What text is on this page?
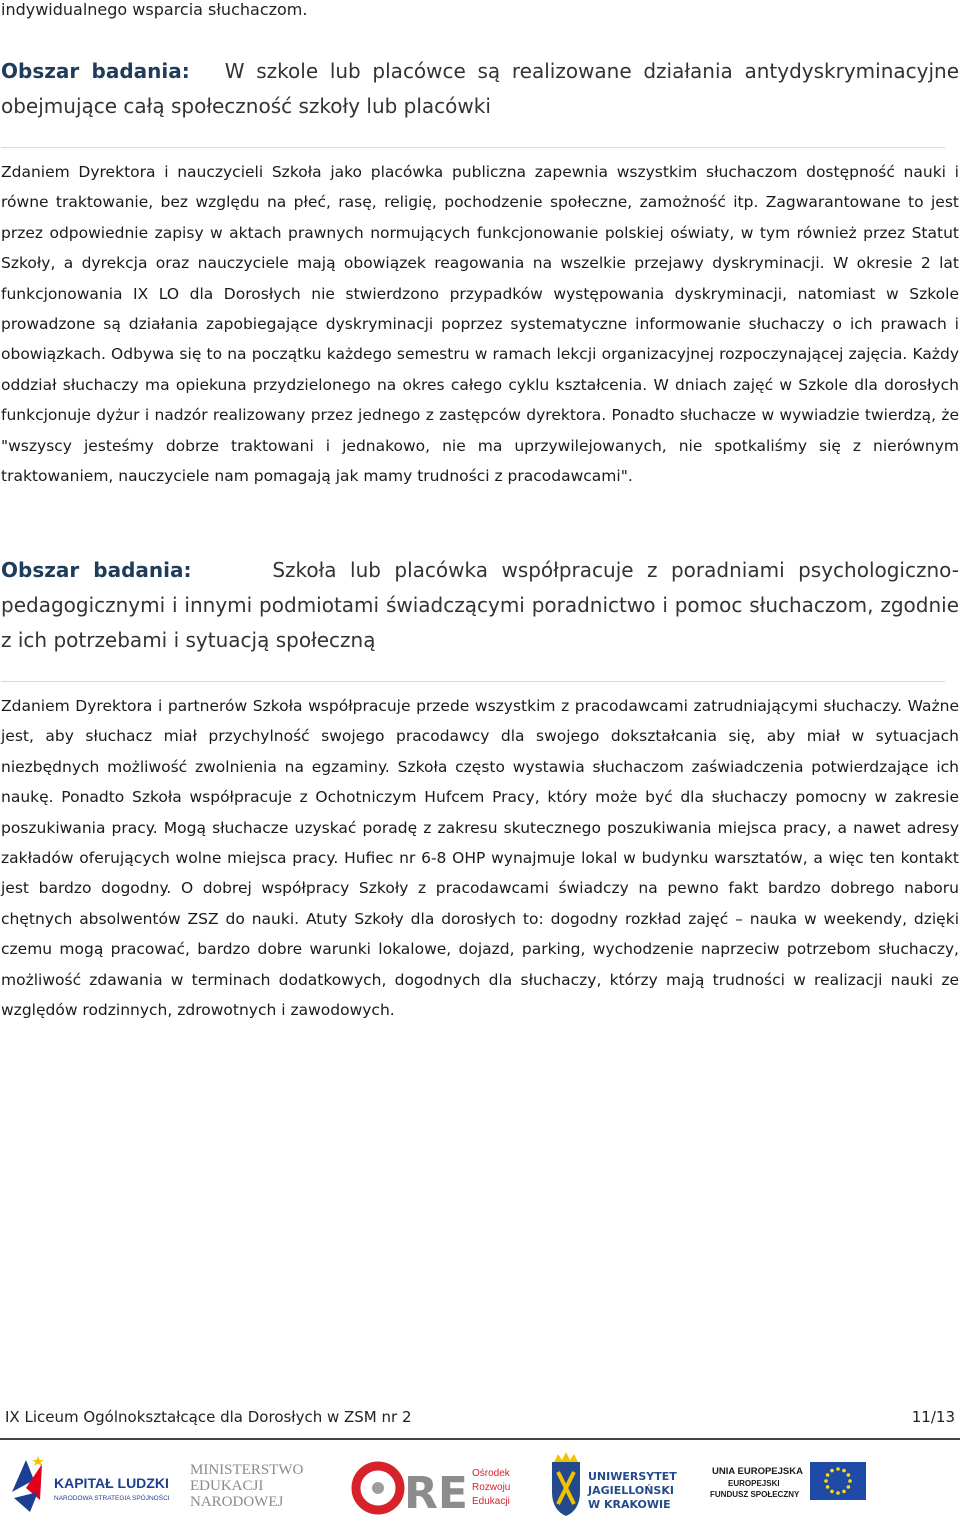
indywidualnego wsparcia słuchaczom.
Obszar badania: W szkole lub placówce są realizowane działania antydyskryminacyjne obejmujące całą społeczność szkoły lub placówki

Zdaniem Dyrektora i nauczycieli Szkoła jako placówka publiczna zapewnia wszystkim słuchaczom dostępność nauki i równe traktowanie, bez względu na płeć, rasę, religię, pochodzenie społeczne, zamożność itp. Zagwarantowane to jest przez odpowiednie zapisy w aktach prawnych normujących funkcjonowanie polskiej oświaty, w tym również przez Statut Szkoły, a dyrekcja oraz nauczyciele mają obowiązek reagowania na wszelkie przejawy dyskryminacji. W okresie 2 lat funkcjonowania IX LO dla Dorosłych nie stwierdzono przypadków występowania dyskryminacji, natomiast w Szkole prowadzone są działania zapobiegające dyskryminacji poprzez systematyczne informowanie słuchaczy o ich prawach i obowiązkach. Odbywa się to na początku każdego semestru w ramach lekcji organizacyjnej rozpoczynającej zajęcia. Każdy oddział słuchaczy ma opiekuna przydzielonego na okres całego cyklu kształcenia. W dniach zajęć w Szkole dla dorosłych funkcjonuje dyżur i nadzór realizowany przez jednego z zastępców dyrektora. Ponadto słuchacze w wywiadzie twierdzą, że "wszyscy jesteśmy dobrze traktowani i jednakowo, nie ma uprzywilejowanych, nie spotkaliśmy się z nierównym traktowaniem, nauczyciele nam pomagają jak mamy trudności z pracodawcami".

Obszar badania:	Szkoła lub placówka współpracuje z poradniami psychologiczno-pedagogicznymi i innymi podmiotami świadczącymi poradnictwo i pomoc słuchaczom, zgodnie z ich potrzebami i sytuacją społeczną

Zdaniem Dyrektora i partnerów Szkoła współpracuje przede wszystkim z pracodawcami zatrudniającymi słuchaczy. Ważne jest, aby słuchacz miał przychylność swojego pracodawcy dla swojego dokształcania się, aby miał w sytuacjach niezbędnych możliwość zwolnienia na egzaminy. Szkoła często wystawia słuchaczom zaświadczenia potwierdzające ich naukę. Ponadto Szkoła współpracuje z Ochotniczym Hufcem Pracy, który może być dla słuchaczy pomocny w zakresie poszukiwania pracy. Mogą słuchacze uzyskać poradę z zakresu skutecznego poszukiwania miejsca pracy, a nawet adresy zakładów oferujących wolne miejsca pracy. Hufiec nr 6-8 OHP wynajmuje lokal w budynku warsztatów, a więc ten kontakt jest bardzo dogodny. O dobrej współpracy Szkoły z pracodawcami świadczy na pewno fakt bardzo dobrego naboru chętnych absolwentów ZSZ do nauki. Atuty Szkoły dla dorosłych to: dogodny rozkład zajęć – nauka w weekendy, dzięki czemu mogą pracować, bardzo dobre warunki lokalowe, dojazd, parking, wychodzenie naprzeciw potrzebom słuchaczy, możliwość zdawania w terminach dodatkowych, dogodnych dla słuchaczy, którzy mają trudności w realizacji nauki ze względów rodzinnych, zdrowotnych i zawodowych.

IX Liceum Ogólnokształcące dla Dorosłych w ZSM nr 2	11/13
KAPITAŁ LUDZKI
NARODOWA STRATEGIA SPÓJNOŚCI
MINISTERSTWO
EDUKACJI
NARODOWEJ	RE Ośrodek
Rozwoju
Edukacji
UNIWERSYTET
JAGIELLOŃSKI
W KRAKOWIE
UNIA EUROPEJSKA
EUROPEJSKI
FUNDUSZ SPOŁECZNY
